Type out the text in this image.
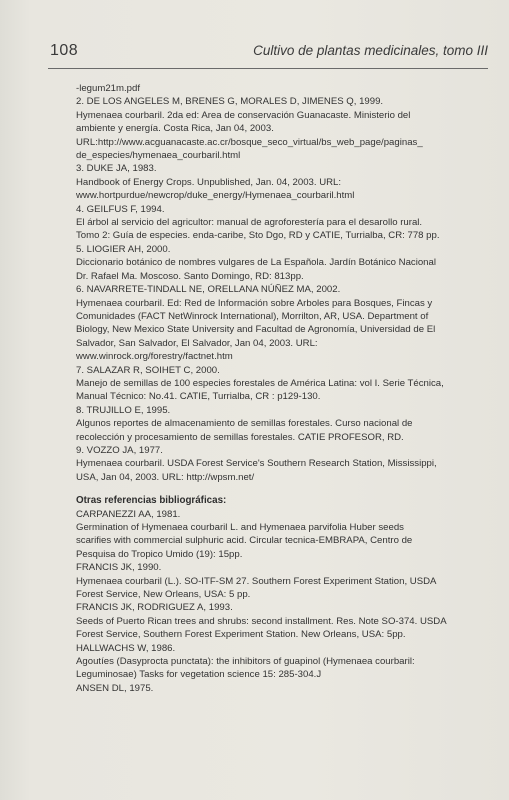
108	Cultivo de plantas medicinales, tomo III
-legum21m.pdf
2. DE LOS ANGELES M, BRENES G, MORALES D, JIMENES Q, 1999.
Hymenaea courbaril. 2da ed: Area de conservación Guanacaste. Ministerio del
ambiente y energía. Costa Rica, Jan 04, 2003.
URL:http://www.acguanacaste.ac.cr/bosque_seco_virtual/bs_web_page/paginas_
de_especies/hymenaea_courbaril.html
3. DUKE JA, 1983.
Handbook of Energy Crops. Unpublished, Jan. 04, 2003. URL:
www.hortpurdue/newcrop/duke_energy/Hymenaea_courbaril.html
4. GEILFUS F, 1994.
El árbol al servicio del agricultor: manual de agroforestería para el desarollo rural.
Tomo 2: Guía de especies. enda-caribe, Sto Dgo, RD y CATIE, Turrialba, CR: 778 pp.
5. LIOGIER AH, 2000.
Diccionario botánico de nombres vulgares de La Española. Jardín Botánico Nacional
Dr. Rafael Ma. Moscoso. Santo Domingo, RD: 813pp.
6. NAVARRETE-TINDALL NE, ORELLANA NÚÑEZ MA, 2002.
Hymenaea courbaril. Ed: Red de Información sobre Arboles para Bosques, Fincas y
Comunidades (FACT NetWinrock International), Morrilton, AR, USA. Department of
Biology, New Mexico State University and Facultad de Agronomía, Universidad de El
Salvador, San Salvador, El Salvador, Jan 04, 2003. URL:
www.winrock.org/forestry/factnet.htm
7. SALAZAR R, SOIHET C, 2000.
Manejo de semillas de 100 especies forestales de América Latina: vol I. Serie Técnica,
Manual Técnico: No.41. CATIE, Turrialba, CR : p129-130.
8. TRUJILLO E, 1995.
Algunos reportes de almacenamiento de semillas forestales. Curso nacional de
recolección y procesamiento de semillas forestales. CATIE PROFESOR, RD.
9. VOZZO JA, 1977.
Hymenaea courbaril. USDA Forest Service's Southern Research Station, Mississippi,
USA, Jan 04, 2003. URL: http://wpsm.net/
Otras referencias bibliográficas:
CARPANEZZI AA, 1981.
Germination of Hymenaea courbaril L. and Hymenaea parvifolia Huber seeds
scarifies with commercial sulphuric acid. Circular tecnica-EMBRAPA, Centro de
Pesquisa do Tropico Umido (19): 15pp.
FRANCIS JK, 1990.
Hymenaea courbaril (L.). SO-ITF-SM 27. Southern Forest Experiment Station, USDA
Forest Service, New Orleans, USA: 5 pp.
FRANCIS JK, RODRIGUEZ A, 1993.
Seeds of Puerto Rican trees and shrubs: second installment. Res. Note SO-374. USDA
Forest Service, Southern Forest Experiment Station. New Orleans, USA: 5pp.
HALLWACHS W, 1986.
Agoutíes (Dasyprocta punctata): the inhibitors of guapinol (Hymenaea courbaril:
Leguminosae) Tasks for vegetation science 15: 285-304.J
ANSEN DL, 1975.
